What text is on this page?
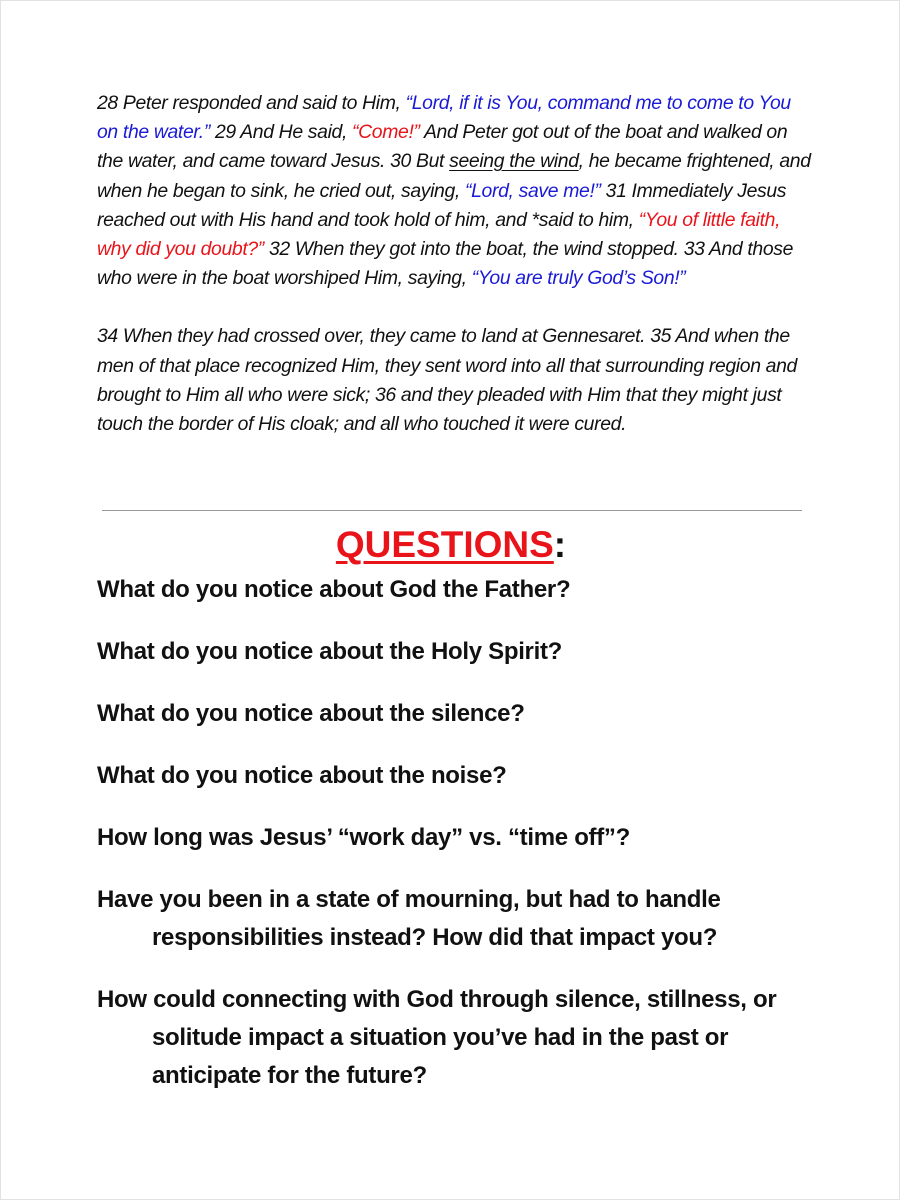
28 Peter responded and said to Him, “Lord, if it is You, command me to come to You on the water.” 29 And He said, “Come!” And Peter got out of the boat and walked on the water, and came toward Jesus. 30 But seeing the wind, he became frightened, and when he began to sink, he cried out, saying, “Lord, save me!” 31 Immediately Jesus reached out with His hand and took hold of him, and *said to him, “You of little faith, why did you doubt?” 32 When they got into the boat, the wind stopped. 33 And those who were in the boat worshiped Him, saying, “You are truly God’s Son!”

34 When they had crossed over, they came to land at Gennesaret. 35 And when the men of that place recognized Him, they sent word into all that surrounding region and brought to Him all who were sick; 36 and they pleaded with Him that they might just touch the border of His cloak; and all who touched it were cured.

QUESTIONS:
What do you notice about God the Father?
What do you notice about the Holy Spirit?
What do you notice about the silence?
What do you notice about the noise?
How long was Jesus’ “work day” vs. “time off”?
Have you been in a state of mourning, but had to handle responsibilities instead? How did that impact you?
How could connecting with God through silence, stillness, or solitude impact a situation you’ve had in the past or anticipate for the future?
